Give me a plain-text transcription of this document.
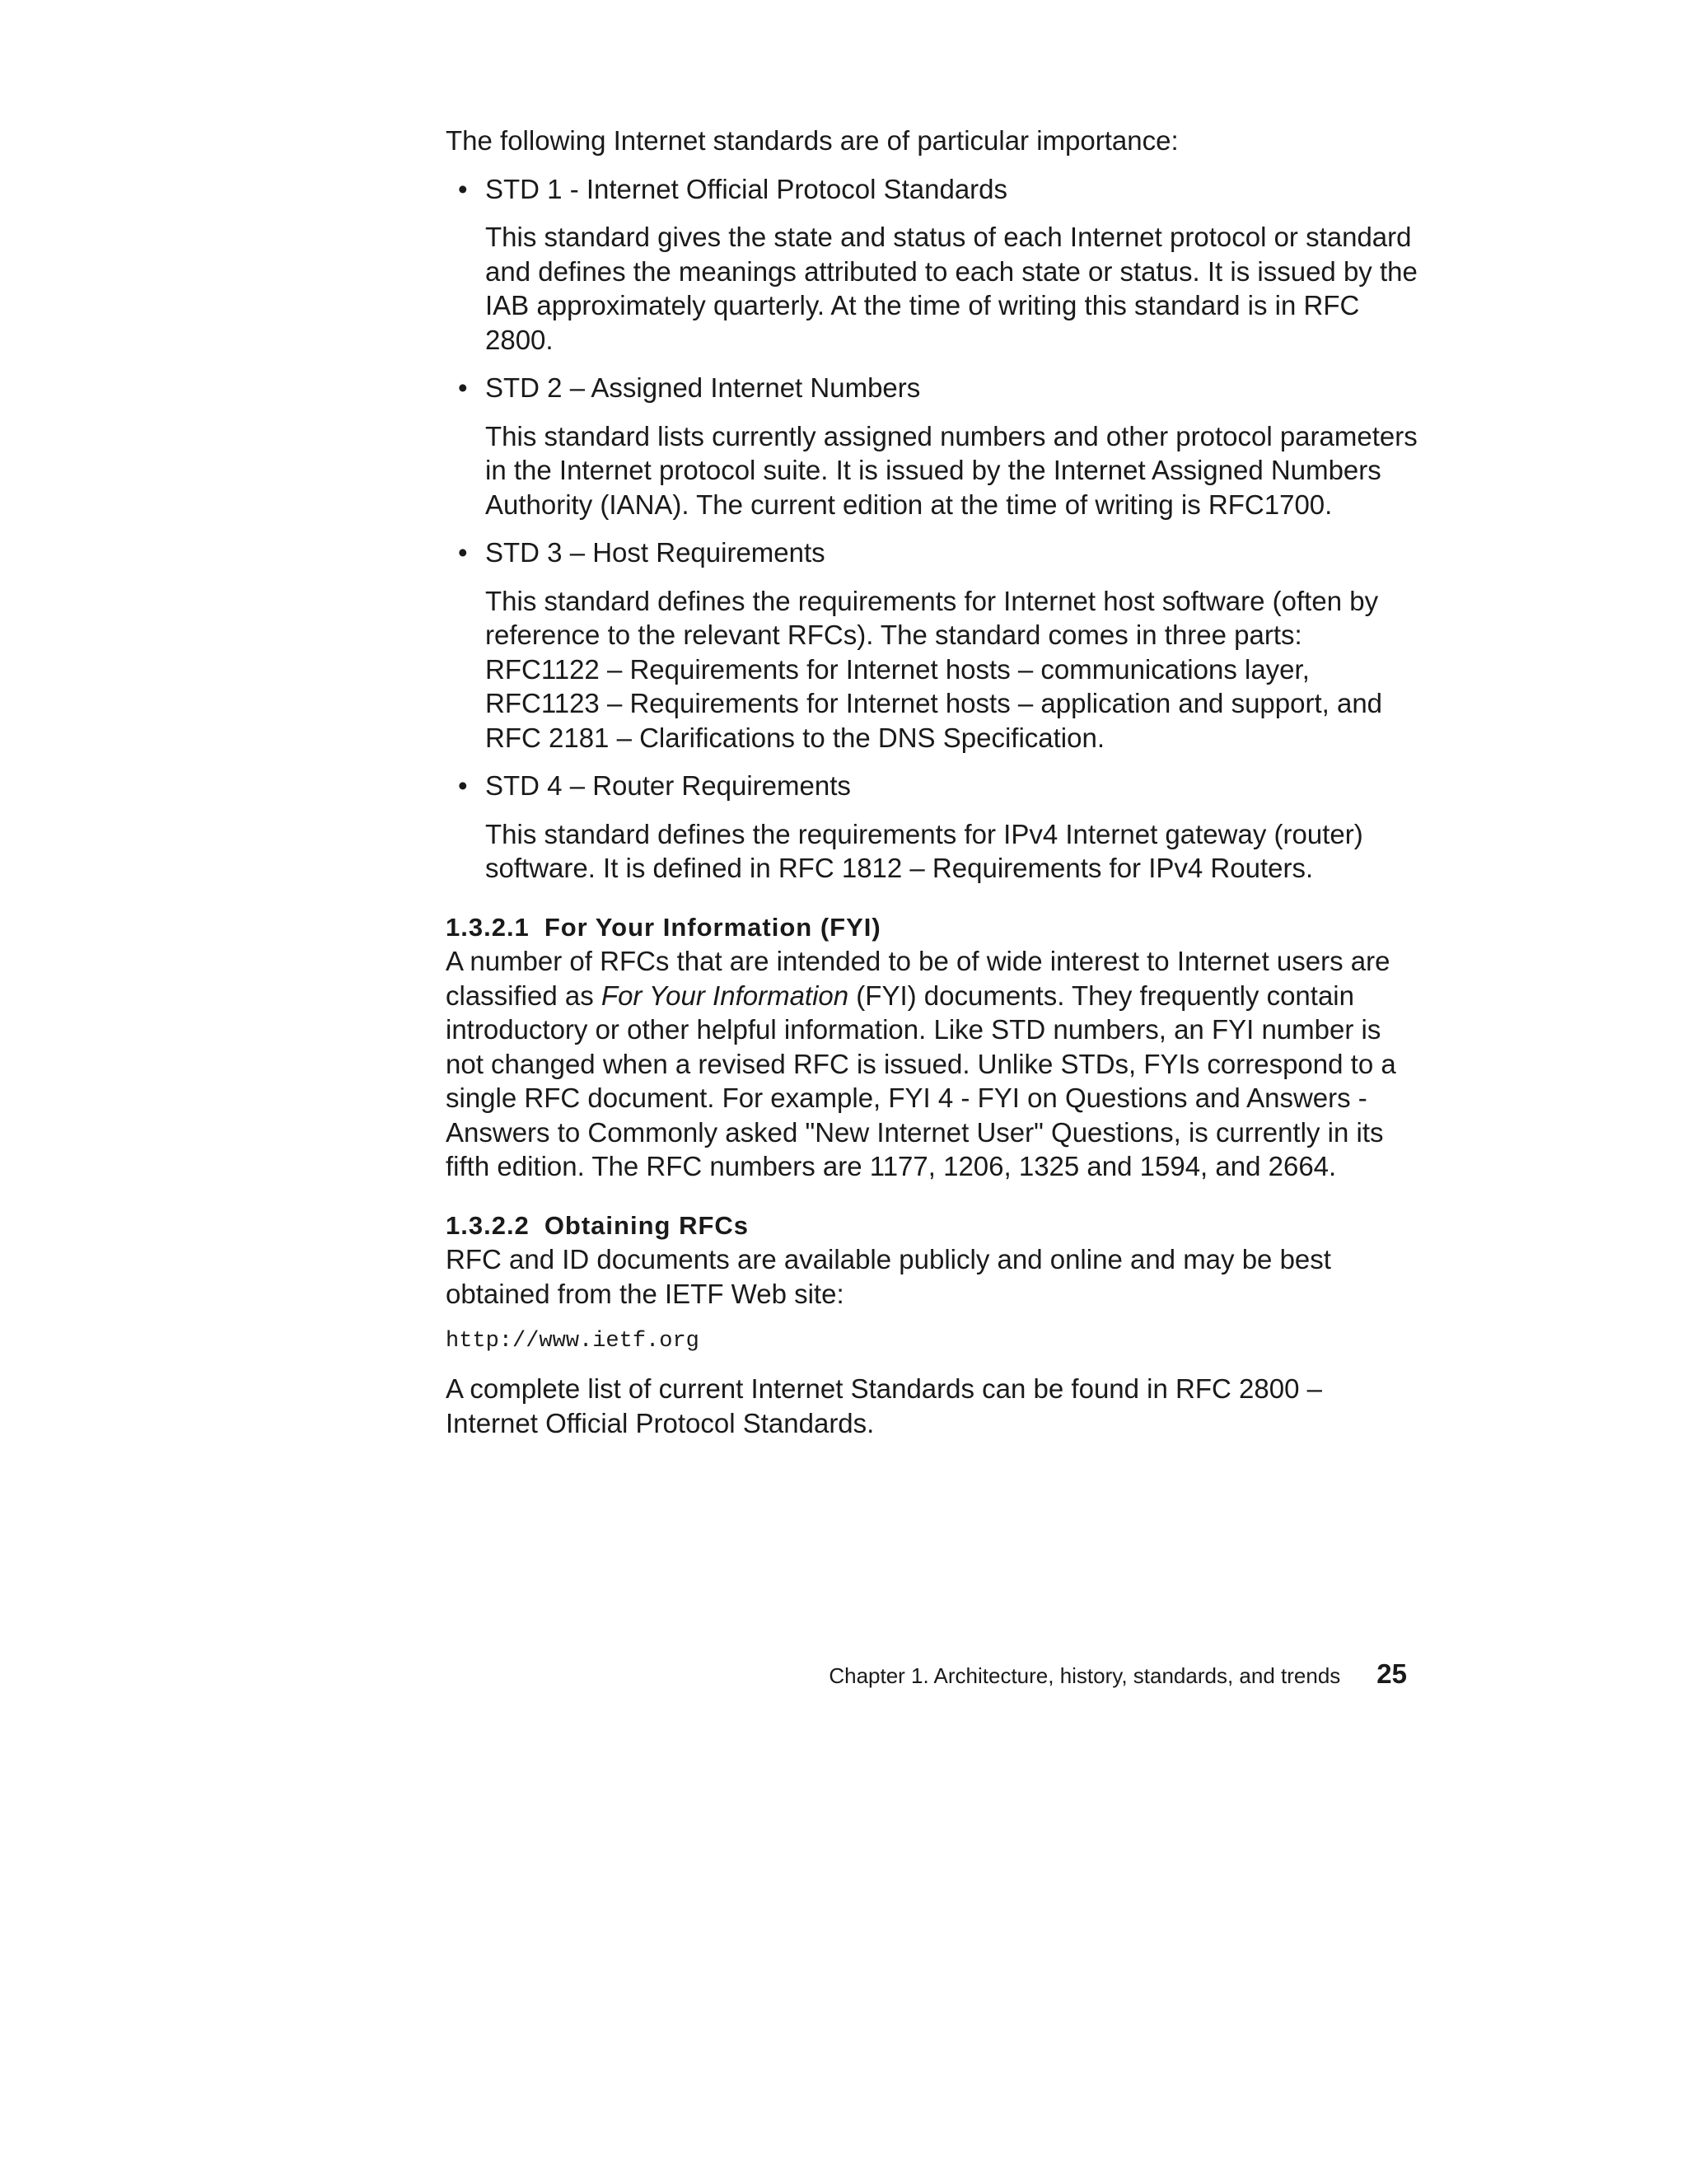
The following Internet standards are of particular importance:

• STD 1 - Internet Official Protocol Standards

This standard gives the state and status of each Internet protocol or standard and defines the meanings attributed to each state or status. It is issued by the IAB approximately quarterly. At the time of writing this standard is in RFC 2800.

• STD 2 – Assigned Internet Numbers

This standard lists currently assigned numbers and other protocol parameters in the Internet protocol suite. It is issued by the Internet Assigned Numbers Authority (IANA). The current edition at the time of writing is RFC1700.

• STD 3 – Host Requirements

This standard defines the requirements for Internet host software (often by reference to the relevant RFCs). The standard comes in three parts: RFC1122 – Requirements for Internet hosts – communications layer, RFC1123 – Requirements for Internet hosts – application and support, and RFC 2181 – Clarifications to the DNS Specification.

• STD 4 – Router Requirements

This standard defines the requirements for IPv4 Internet gateway (router) software. It is defined in RFC 1812 – Requirements for IPv4 Routers.

1.3.2.1 For Your Information (FYI)

A number of RFCs that are intended to be of wide interest to Internet users are classified as For Your Information (FYI) documents. They frequently contain introductory or other helpful information. Like STD numbers, an FYI number is not changed when a revised RFC is issued. Unlike STDs, FYIs correspond to a single RFC document. For example, FYI 4 - FYI on Questions and Answers - Answers to Commonly asked "New Internet User" Questions, is currently in its fifth edition. The RFC numbers are 1177, 1206, 1325 and 1594, and 2664.

1.3.2.2 Obtaining RFCs

RFC and ID documents are available publicly and online and may be best obtained from the IETF Web site:

http://www.ietf.org

A complete list of current Internet Standards can be found in RFC 2800 – Internet Official Protocol Standards.

Chapter 1. Architecture, history, standards, and trends 25
